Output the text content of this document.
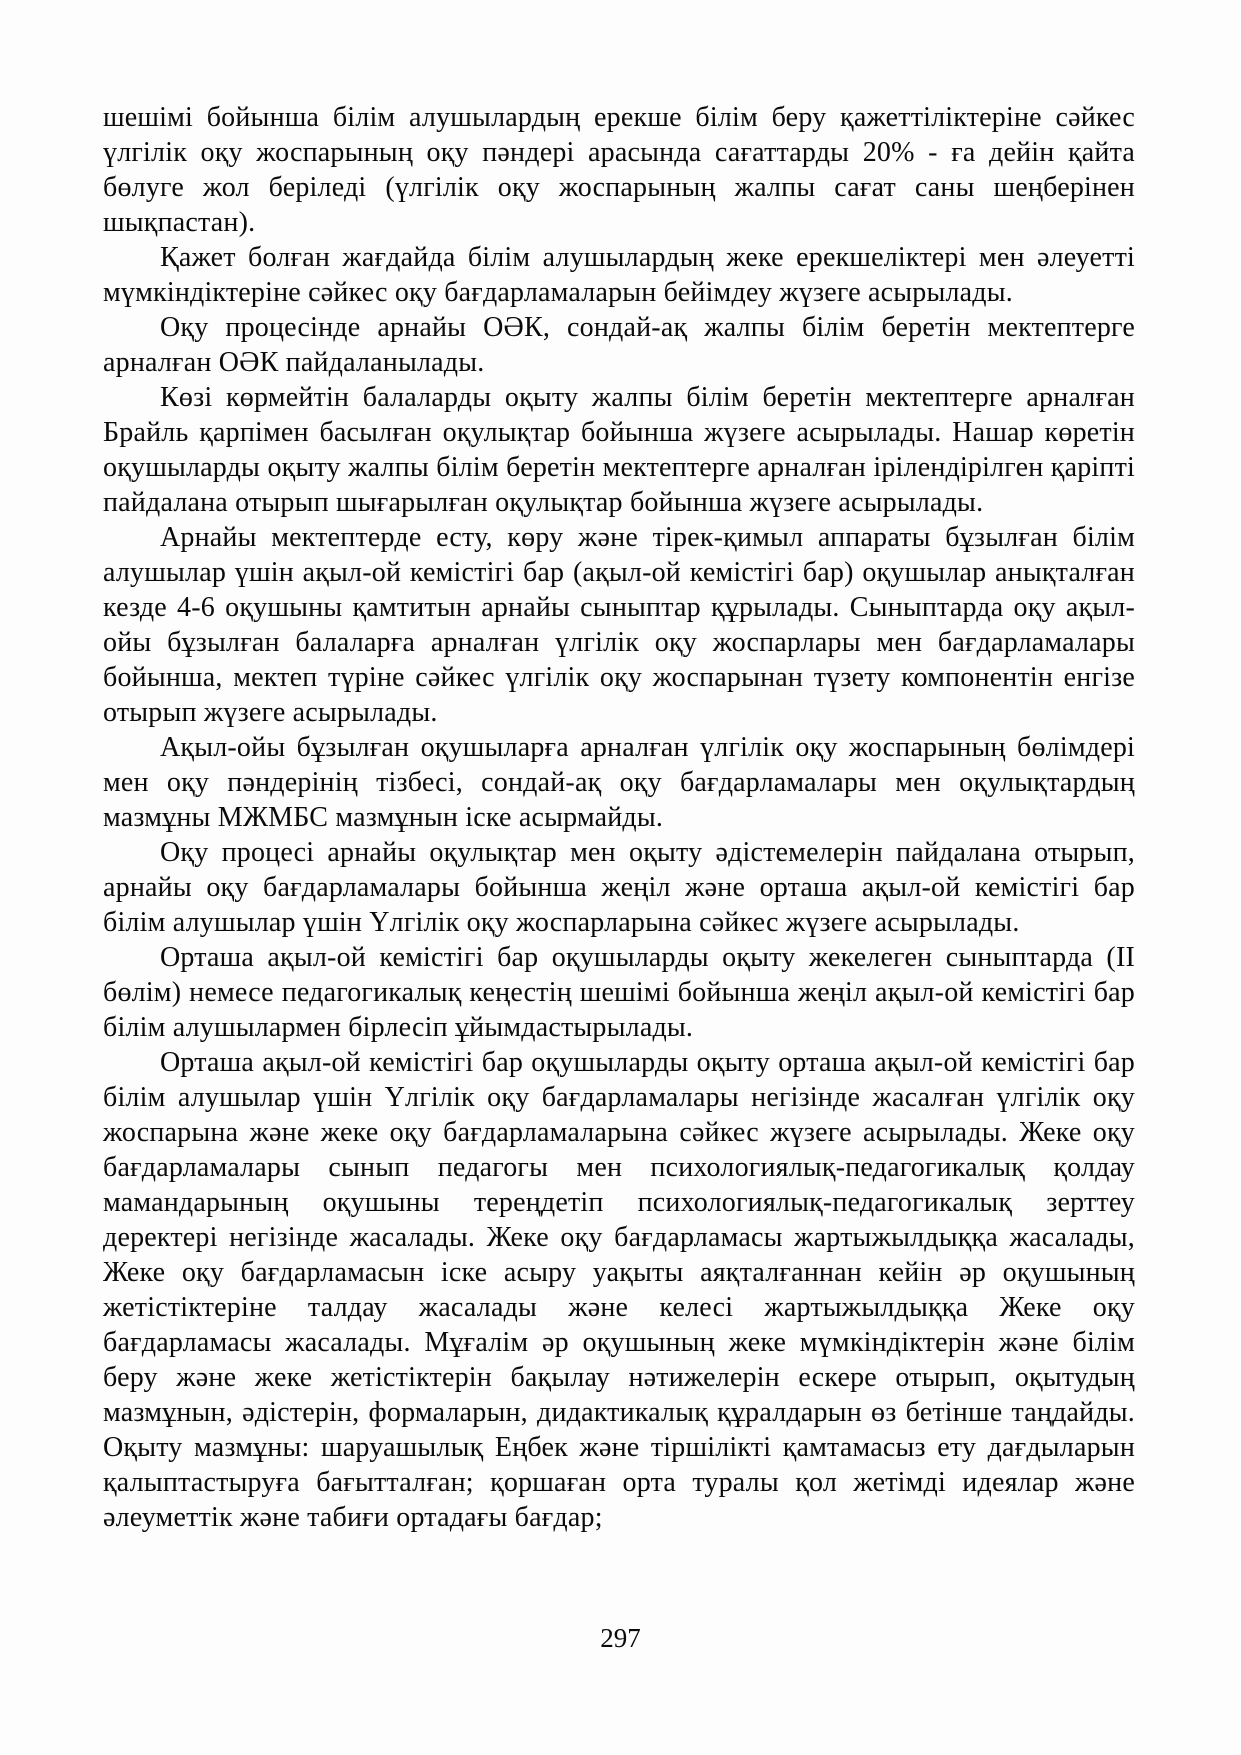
шешімі бойынша білім алушылардың ерекше білім беру қажеттіліктеріне сәйкес үлгілік оқу жоспарының оқу пәндері арасында сағаттарды 20% - ға дейін қайта бөлуге жол беріледі (үлгілік оқу жоспарының жалпы сағат саны шеңберінен шықпастан).

Қажет болған жағдайда білім алушылардың жеке ерекшеліктері мен әлеуетті мүмкіндіктеріне сәйкес оқу бағдарламаларын бейімдеу жүзеге асырылады.

Оқу процесінде арнайы ОӘК, сондай-ақ жалпы білім беретін мектептерге арналған ОӘК пайдаланылады.

Көзі көрмейтін балаларды оқыту жалпы білім беретін мектептерге арналған Брайль қарпімен басылған оқулықтар бойынша жүзеге асырылады. Нашар көретін оқушыларды оқыту жалпы білім беретін мектептерге арналған ірілендірілген қаріпті пайдалана отырып шығарылған оқулықтар бойынша жүзеге асырылады.

Арнайы мектептерде есту, көру және тірек-қимыл аппараты бұзылған білім алушылар үшін ақыл-ой кемістігі бар (ақыл-ой кемістігі бар) оқушылар анықталған кезде 4-6 оқушыны қамтитын арнайы сыныптар құрылады. Сыныптарда оқу ақыл-ойы бұзылған балаларға арналған үлгілік оқу жоспарлары мен бағдарламалары бойынша, мектеп түріне сәйкес үлгілік оқу жоспарынан түзету компонентін енгізе отырып жүзеге асырылады.

Ақыл-ойы бұзылған оқушыларға арналған үлгілік оқу жоспарының бөлімдері мен оқу пәндерінің тізбесі, сондай-ақ оқу бағдарламалары мен оқулықтардың мазмұны МЖМБС мазмұнын іске асырмайды.

Оқу процесі арнайы оқулықтар мен оқыту әдістемелерін пайдалана отырып, арнайы оқу бағдарламалары бойынша жеңіл және орташа ақыл-ой кемістігі бар білім алушылар үшін Үлгілік оқу жоспарларына сәйкес жүзеге асырылады.

Орташа ақыл-ой кемістігі бар оқушыларды оқыту жекелеген сыныптарда (II бөлім) немесе педагогикалық кеңестің шешімі бойынша жеңіл ақыл-ой кемістігі бар білім алушылармен бірлесіп ұйымдастырылады.

Орташа ақыл-ой кемістігі бар оқушыларды оқыту орташа ақыл-ой кемістігі бар білім алушылар үшін Үлгілік оқу бағдарламалары негізінде жасалған үлгілік оқу жоспарына және жеке оқу бағдарламаларына сәйкес жүзеге асырылады. Жеке оқу бағдарламалары сынып педагогы мен психологиялық-педагогикалық қолдау мамандарының оқушыны тереңдетіп психологиялық-педагогикалық зерттеу деректері негізінде жасалады. Жеке оқу бағдарламасы жартыжылдыққа жасалады, Жеке оқу бағдарламасын іске асыру уақыты аяқталғаннан кейін әр оқушының жетістіктеріне талдау жасалады және келесі жартыжылдыққа Жеке оқу бағдарламасы жасалады. Мұғалім әр оқушының жеке мүмкіндіктерін және білім беру және жеке жетістіктерін бақылау нәтижелерін ескере отырып, оқытудың мазмұнын, әдістерін, формаларын, дидактикалық құралдарын өз бетінше таңдайды. Оқыту мазмұны: шаруашылық Еңбек және тіршілікті қамтамасыз ету дағдыларын қалыптастыруға бағытталған; қоршаған орта туралы қол жетімді идеялар және әлеуметтік және табиғи ортадағы бағдар;

297
